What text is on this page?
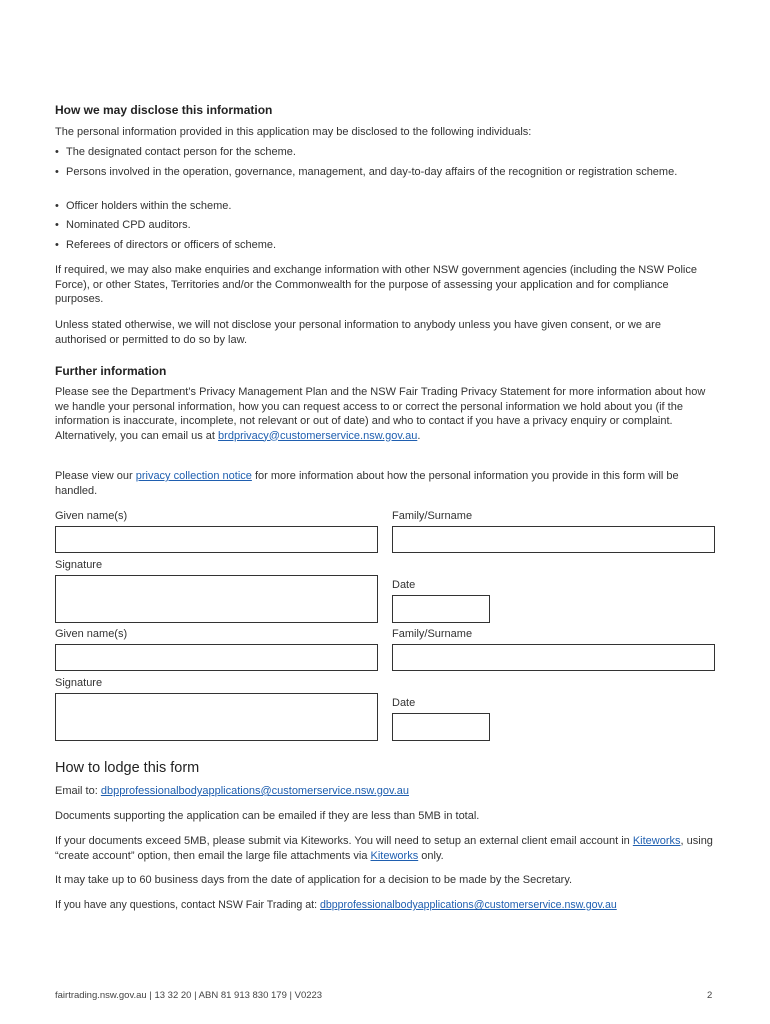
How we may disclose this information

The personal information provided in this application may be disclosed to the following individuals:

• The designated contact person for the scheme.
• Persons involved in the operation, governance, management, and day-to-day affairs of the recognition or registration scheme.
• Officer holders within the scheme.
• Nominated CPD auditors.
• Referees of directors or officers of scheme.

If required, we may also make enquiries and exchange information with other NSW government agencies (including the NSW Police Force), or other States, Territories and/or the Commonwealth for the purpose of assessing your application and for compliance purposes.

Unless stated otherwise, we will not disclose your personal information to anybody unless you have given consent, or we are authorised or permitted to do so by law.

Further information

Please see the Department’s Privacy Management Plan and the NSW Fair Trading Privacy Statement for more information about how we handle your personal information, how you can request access to or correct the personal information we hold about you (if the information is inaccurate, incomplete, not relevant or out of date) and who to contact if you have a privacy enquiry or complaint. Alternatively, you can email us at brdprivacy@customerservice.nsw.gov.au.

Please view our privacy collection notice for more information about how the personal information you provide in this form will be handled.

Given name(s)	Family/Surname
Signature
Date
Given name(s)	Family/Surname
Signature
Date
How to lodge this form

Email to: dbpprofessionalbodyapplications@customerservice.nsw.gov.au

Documents supporting the application can be emailed if they are less than 5MB in total.

If your documents exceed 5MB, please submit via Kiteworks. You will need to setup an external client email account in Kiteworks, using “create account” option, then email the large file attachments via Kiteworks only.

It may take up to 60 business days from the date of application for a decision to be made by the Secretary.

If you have any questions, contact NSW Fair Trading at: dbpprofessionalbodyapplications@customerservice.nsw.gov.au

fairtrading.nsw.gov.au | 13 32 20 | ABN 81 913 830 179 | V0223	2
